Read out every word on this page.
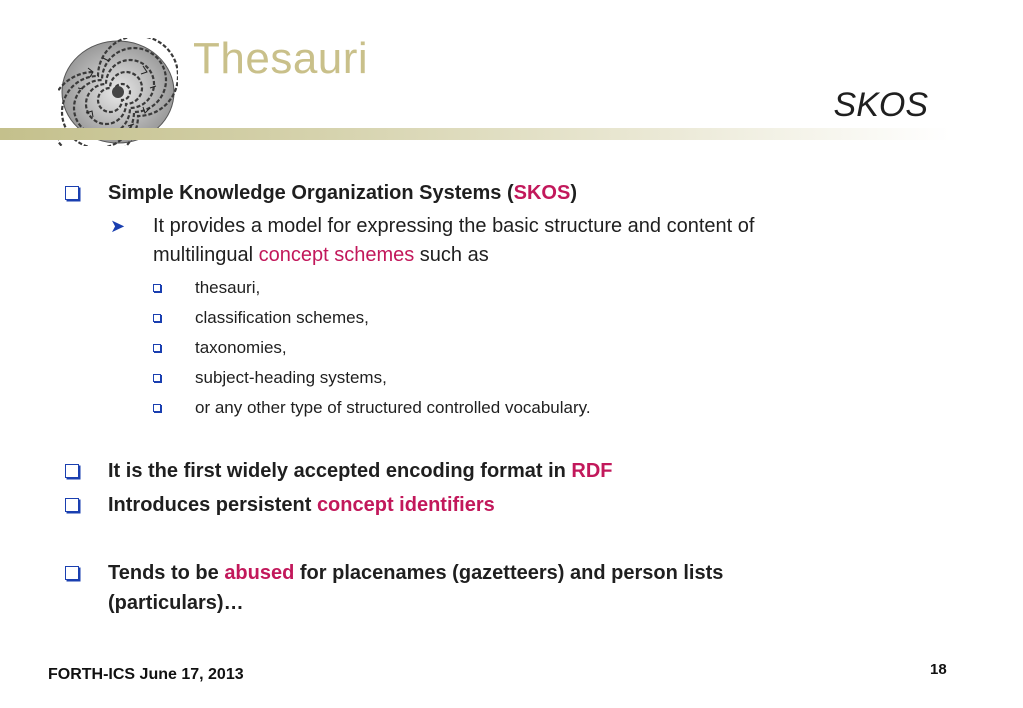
Thesauri
SKOS
Simple Knowledge Organization Systems (SKOS)
➤ It provides a model for expressing the basic structure and content of
multilingual concept schemes such as
thesauri,
classification schemes,
taxonomies,
subject-heading systems,
or any other type of structured controlled vocabulary.
It is the first widely accepted encoding format in RDF
Introduces persistent concept identifiers
Tends to be abused for placenames (gazetteers) and person lists
(particulars)…
FORTH-ICS June 17, 2013	18
